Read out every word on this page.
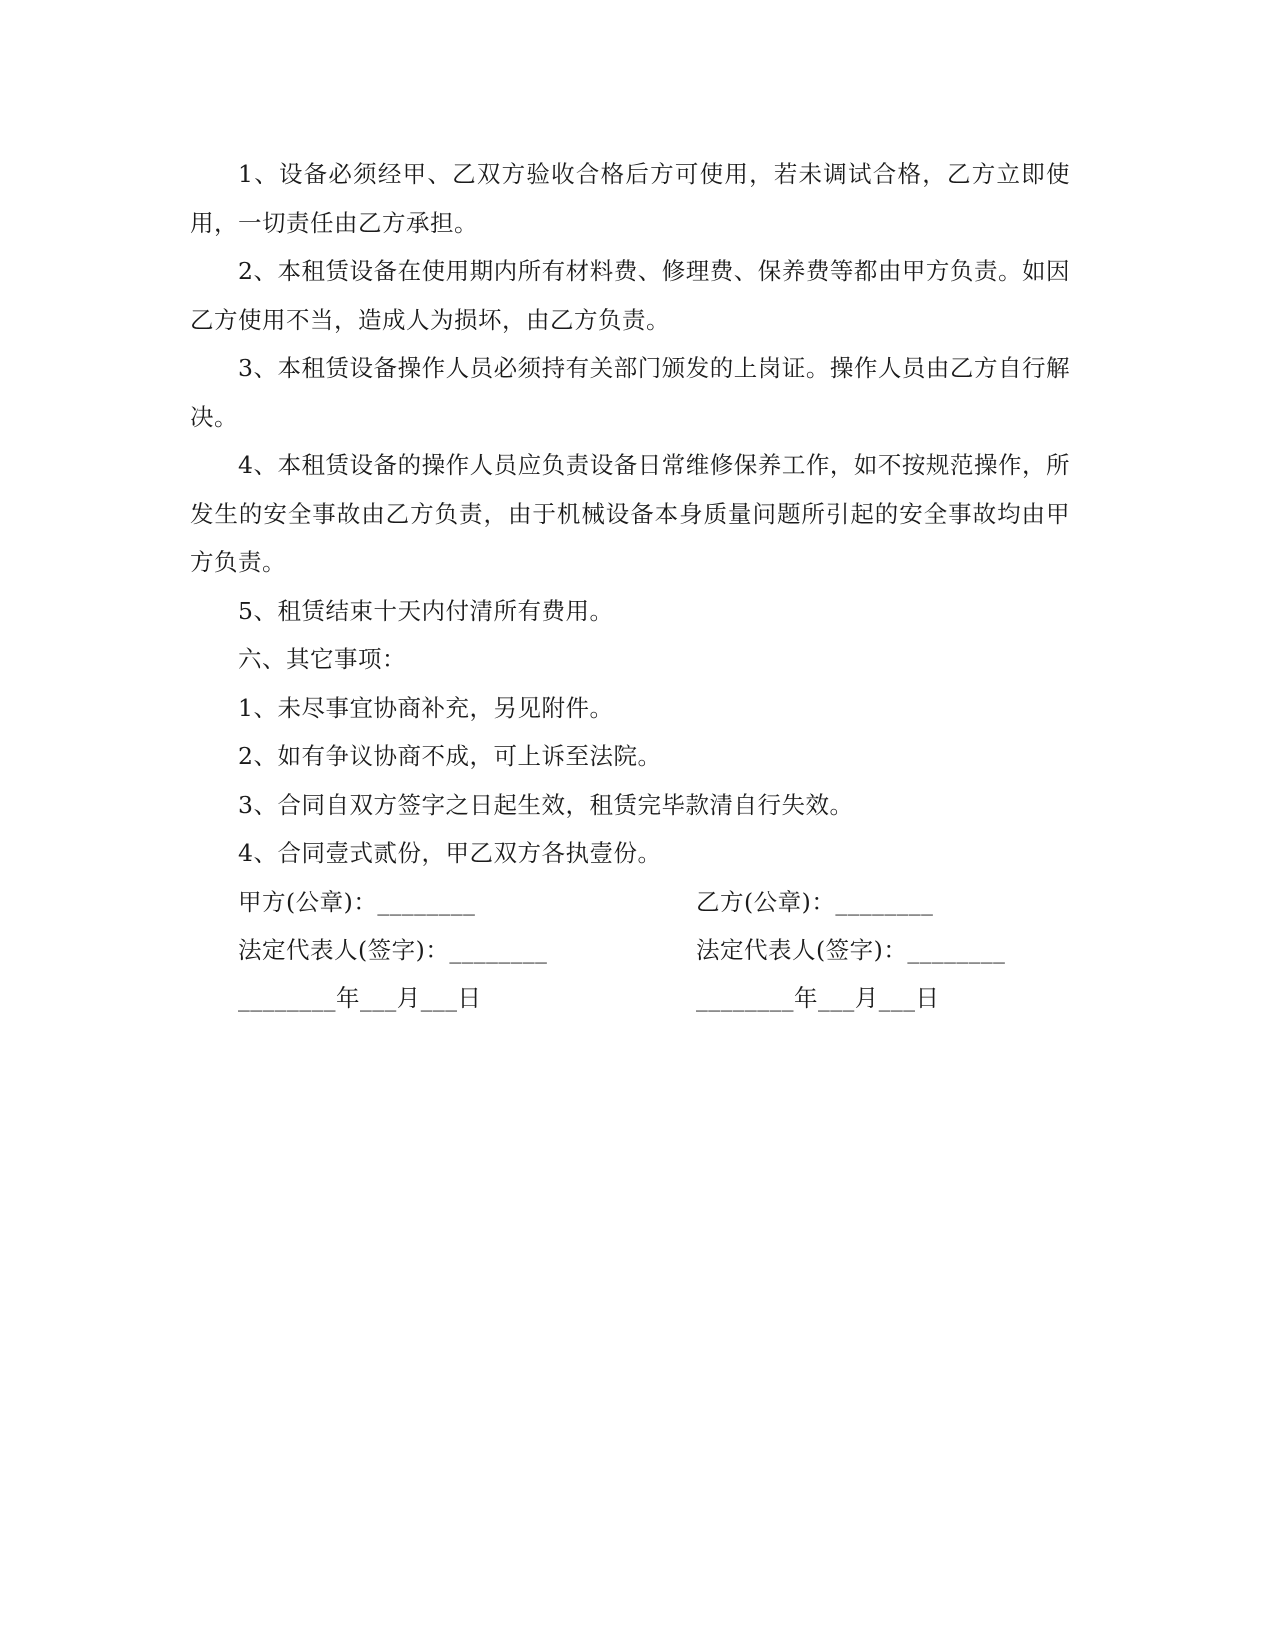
1、设备必须经甲、乙双方验收合格后方可使用，若未调试合格，乙方立即使用，一切责任由乙方承担。

2、本租赁设备在使用期内所有材料费、修理费、保养费等都由甲方负责。如因乙方使用不当，造成人为损坏，由乙方负责。

3、本租赁设备操作人员必须持有关部门颁发的上岗证。操作人员由乙方自行解决。

4、本租赁设备的操作人员应负责设备日常维修保养工作，如不按规范操作，所发生的安全事故由乙方负责，由于机械设备本身质量问题所引起的安全事故均由甲方负责。

5、租赁结束十天内付清所有费用。

六、其它事项：

1、未尽事宜协商补充，另见附件。

2、如有争议协商不成，可上诉至法院。

3、合同自双方签字之日起生效，租赁完毕款清自行失效。

4、合同壹式贰份，甲乙双方各执壹份。

甲方(公章)：________	乙方(公章)：________
法定代表人(签字)：________	法定代表人(签字)：________
________年___月___日	________年___月___日
